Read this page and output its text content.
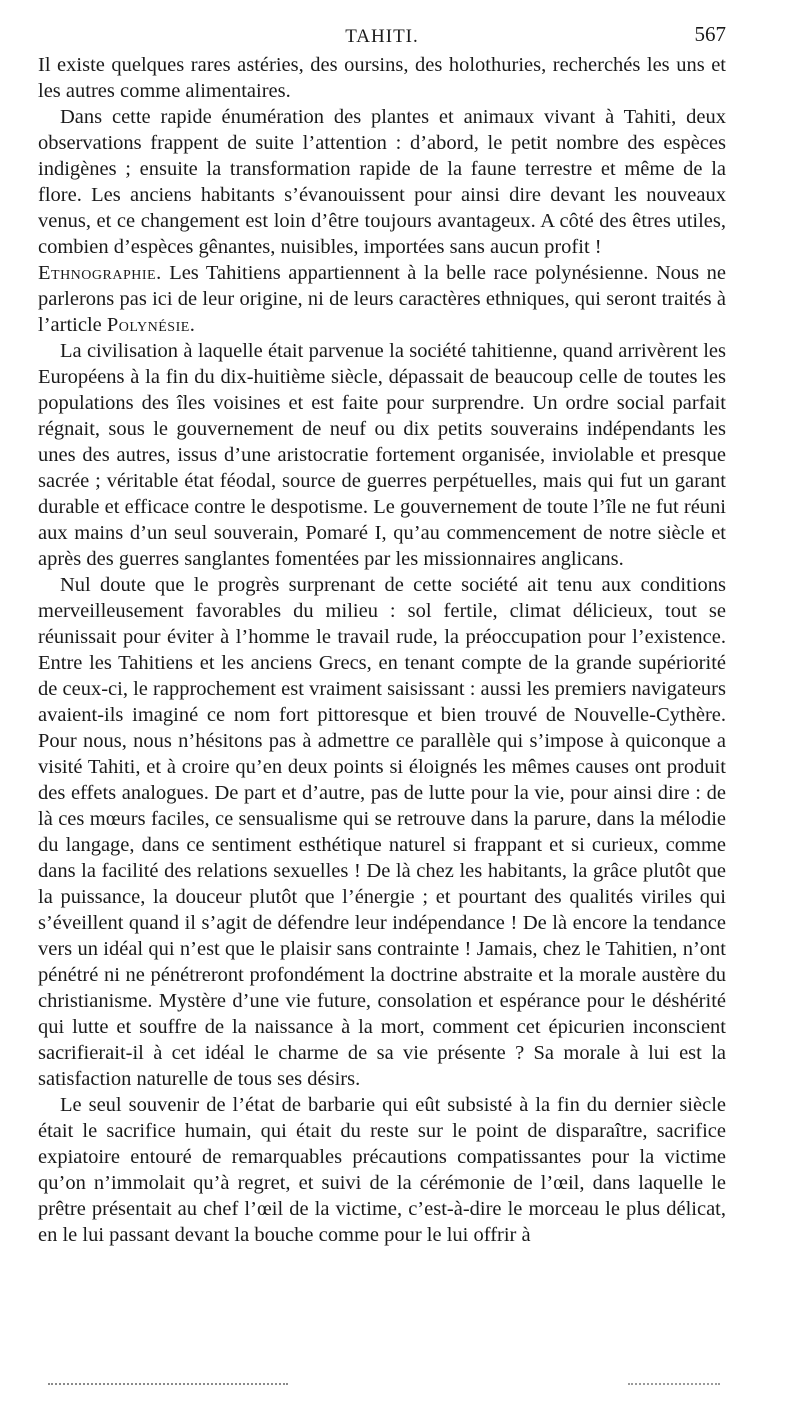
TAHITI.	567

Il existe quelques rares astéries, des oursins, des holothuries, recherchés les uns et les autres comme alimentaires.

Dans cette rapide énumération des plantes et animaux vivant à Tahiti, deux observations frappent de suite l’attention : d’abord, le petit nombre des espèces indigènes ; ensuite la transformation rapide de la faune terrestre et même de la flore. Les anciens habitants s’évanouissent pour ainsi dire devant les nouveaux venus, et ce changement est loin d’être toujours avantageux. A côté des êtres utiles, combien d’espèces gênantes, nuisibles, importées sans aucun profit !

Ethnographie. Les Tahitiens appartiennent à la belle race polynésienne. Nous ne parlerons pas ici de leur origine, ni de leurs caractères ethniques, qui seront traités à l’article Polynésie.

La civilisation à laquelle était parvenue la société tahitienne, quand arrivèrent les Européens à la fin du dix-huitième siècle, dépassait de beaucoup celle de toutes les populations des îles voisines et est faite pour surprendre. Un ordre social parfait régnait, sous le gouvernement de neuf ou dix petits souverains indépendants les unes des autres, issus d’une aristocratie fortement organisée, inviolable et presque sacrée ; véritable état féodal, source de guerres perpétuelles, mais qui fut un garant durable et efficace contre le despotisme. Le gouvernement de toute l’île ne fut réuni aux mains d’un seul souverain, Pomaré I, qu’au commencement de notre siècle et après des guerres sanglantes fomentées par les missionnaires anglicans.

Nul doute que le progrès surprenant de cette société ait tenu aux conditions merveilleusement favorables du milieu : sol fertile, climat délicieux, tout se réunissait pour éviter à l’homme le travail rude, la préoccupation pour l’existence. Entre les Tahitiens et les anciens Grecs, en tenant compte de la grande supériorité de ceux-ci, le rapprochement est vraiment saisissant : aussi les premiers navigateurs avaient-ils imaginé ce nom fort pittoresque et bien trouvé de Nouvelle-Cythère. Pour nous, nous n’hésitons pas à admettre ce parallèle qui s’impose à quiconque a visité Tahiti, et à croire qu’en deux points si éloignés les mêmes causes ont produit des effets analogues. De part et d’autre, pas de lutte pour la vie, pour ainsi dire : de là ces mœurs faciles, ce sensualisme qui se retrouve dans la parure, dans la mélodie du langage, dans ce sentiment esthétique naturel si frappant et si curieux, comme dans la facilité des relations sexuelles ! De là chez les habitants, la grâce plutôt que la puissance, la douceur plutôt que l’énergie ; et pourtant des qualités viriles qui s’éveillent quand il s’agit de défendre leur indépendance ! De là encore la tendance vers un idéal qui n’est que le plaisir sans contrainte ! Jamais, chez le Tahitien, n’ont pénétré ni ne pénétreront profondément la doctrine abstraite et la morale austère du christianisme. Mystère d’une vie future, consolation et espérance pour le déshérité qui lutte et souffre de la naissance à la mort, comment cet épicurien inconscient sacrifierait-il à cet idéal le charme de sa vie présente ? Sa morale à lui est la satisfaction naturelle de tous ses désirs.

Le seul souvenir de l’état de barbarie qui eût subsisté à la fin du dernier siècle était le sacrifice humain, qui était du reste sur le point de disparaître, sacrifice expiatoire entouré de remarquables précautions compatissantes pour la victime qu’on n’immolait qu’à regret, et suivi de la cérémonie de l’œil, dans laquelle le prêtre présentait au chef l’œil de la victime, c’est-à-dire le morceau le plus délicat, en le lui passant devant la bouche comme pour le lui offrir à
